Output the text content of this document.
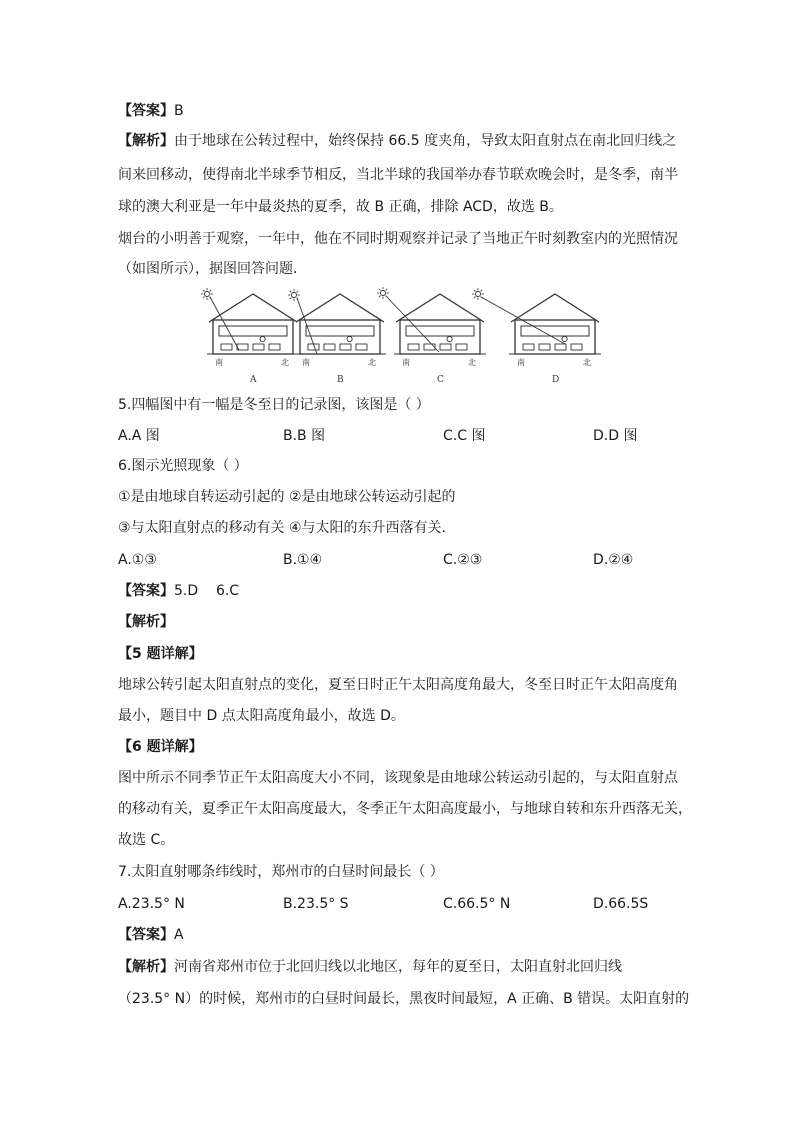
【答案】B
【解析】由于地球在公转过程中，始终保持 66.5 度夹角，导致太阳直射点在南北回归线之
间来回移动，使得南北半球季节相反，当北半球的我国举办春节联欢晚会时，是冬季，南半
球的澳大利亚是一年中最炎热的夏季，故 B 正确，排除 ACD，故选 B。
烟台的小明善于观察，一年中，他在不同时期观察并记录了当地正午时刻教室内的光照情况
（如图所示），据图回答问题．
南	北
A
南	北
B
南	北
C
南	北
D
5.四幅图中有一幅是冬至日的记录图，该图是（ ）
A.A 图	B.B 图	C.C 图	D.D 图
6.图示光照现象（ ）
①是由地球自转运动引起的 ②是由地球公转运动引起的
③与太阳直射点的移动有关 ④与太阳的东升西落有关．
A.①③	B.①④	C.②③	D.②④
【答案】5.D    6.C
【解析】
【5 题详解】
地球公转引起太阳直射点的变化，夏至日时正午太阳高度角最大，冬至日时正午太阳高度角
最小，题目中 D 点太阳高度角最小，故选 D。
【6 题详解】
图中所示不同季节正午太阳高度大小不同，该现象是由地球公转运动引起的，与太阳直射点
的移动有关，夏季正午太阳高度最大，冬季正午太阳高度最小，与地球自转和东升西落无关，
故选 C。
7.太阳直射哪条纬线时，郑州市的白昼时间最长（ ）
A.23.5° N	B.23.5° S	C.66.5° N	D.66.5S
【答案】A
【解析】河南省郑州市位于北回归线以北地区，每年的夏至日，太阳直射北回归线
（23.5° N）的时候，郑州市的白昼时间最长，黑夜时间最短，A 正确、B 错误。太阳直射的
